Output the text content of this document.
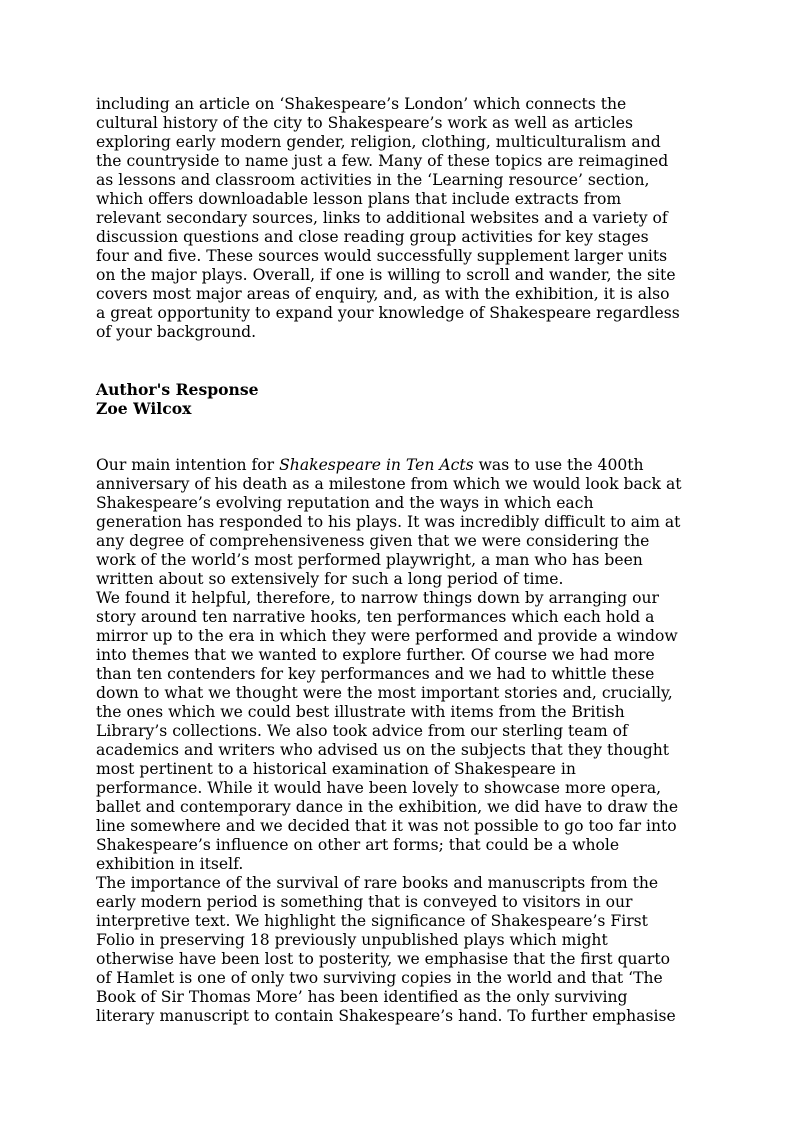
including an article on ‘Shakespeare’s London’ which connects the
cultural history of the city to Shakespeare’s work as well as articles
exploring early modern gender, religion, clothing, multiculturalism and
the countryside to name just a few. Many of these topics are reimagined
as lessons and classroom activities in the ‘Learning resource’ section,
which offers downloadable lesson plans that include extracts from
relevant secondary sources, links to additional websites and a variety of
discussion questions and close reading group activities for key stages
four and five. These sources would successfully supplement larger units
on the major plays. Overall, if one is willing to scroll and wander, the site
covers most major areas of enquiry, and, as with the exhibition, it is also
a great opportunity to expand your knowledge of Shakespeare regardless
of your background.

Author's Response

Zoe Wilcox

Our main intention for Shakespeare in Ten Acts was to use the 400th
anniversary of his death as a milestone from which we would look back at
Shakespeare’s evolving reputation and the ways in which each
generation has responded to his plays. It was incredibly difficult to aim at
any degree of comprehensiveness given that we were considering the
work of the world’s most performed playwright, a man who has been
written about so extensively for such a long period of time.

We found it helpful, therefore, to narrow things down by arranging our
story around ten narrative hooks, ten performances which each hold a
mirror up to the era in which they were performed and provide a window
into themes that we wanted to explore further. Of course we had more
than ten contenders for key performances and we had to whittle these
down to what we thought were the most important stories and, crucially,
the ones which we could best illustrate with items from the British
Library’s collections. We also took advice from our sterling team of
academics and writers who advised us on the subjects that they thought
most pertinent to a historical examination of Shakespeare in
performance. While it would have been lovely to showcase more opera,
ballet and contemporary dance in the exhibition, we did have to draw the
line somewhere and we decided that it was not possible to go too far into
Shakespeare’s influence on other art forms; that could be a whole
exhibition in itself.

The importance of the survival of rare books and manuscripts from the
early modern period is something that is conveyed to visitors in our
interpretive text. We highlight the significance of Shakespeare’s First
Folio in preserving 18 previously unpublished plays which might
otherwise have been lost to posterity, we emphasise that the first quarto
of Hamlet is one of only two surviving copies in the world and that ‘The
Book of Sir Thomas More’ has been identified as the only surviving
literary manuscript to contain Shakespeare’s hand. To further emphasise
